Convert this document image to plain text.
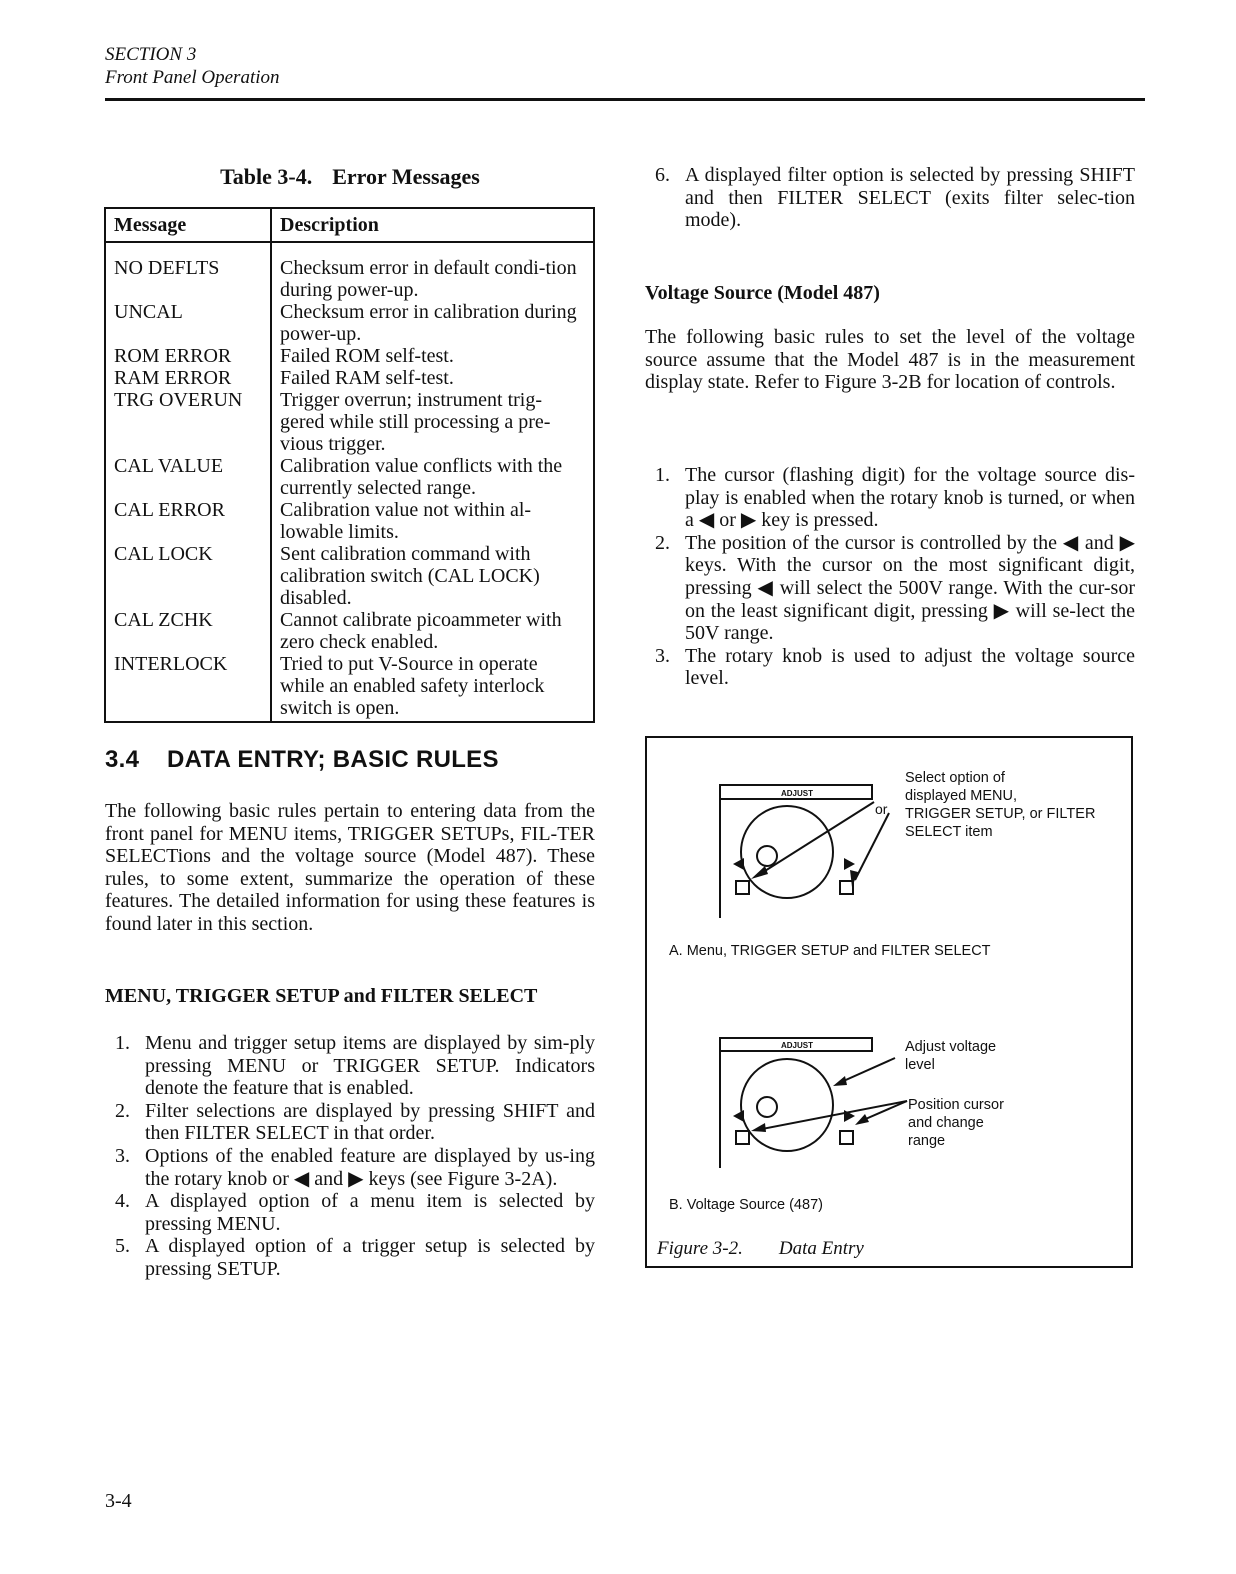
SECTION 3
Front Panel Operation
Table 3-4. Error Messages
Message	Description
NO DEFLTS	Checksum error in default condi-tion during power-up.
UNCAL	Checksum error in calibration during power-up.
ROM ERROR	Failed ROM self-test.
RAM ERROR	Failed RAM self-test.
TRG OVERUN	Trigger overrun; instrument trig-gered while still processing a pre-vious trigger.
CAL VALUE	Calibration value conflicts with the currently selected range.
CAL ERROR	Calibration value not within al-lowable limits.
CAL LOCK	Sent calibration command with calibration switch (CAL LOCK) disabled.
CAL ZCHK	Cannot calibrate picoammeter with zero check enabled.
INTERLOCK	Tried to put V-Source in operate while an enabled safety interlock switch is open.
3.4 DATA ENTRY; BASIC RULES

The following basic rules pertain to entering data from the front panel for MENU items, TRIGGER SETUPs, FIL-TER SELECTions and the voltage source (Model 487). These rules, to some extent, summarize the operation of these features. The detailed information for using these features is found later in this section.

MENU, TRIGGER SETUP and FILTER SELECT
1. Menu and trigger setup items are displayed by sim-ply pressing MENU or TRIGGER SETUP. Indicators denote the feature that is enabled.
2. Filter selections are displayed by pressing SHIFT and then FILTER SELECT in that order.
3. Options of the enabled feature are displayed by us-ing the rotary knob or ◀ and ▶ keys (see Figure 3-2A).
4. A displayed option of a menu item is selected by pressing MENU.
5. A displayed option of a trigger setup is selected by pressing SETUP.
6. A displayed filter option is selected by pressing SHIFT and then FILTER SELECT (exits filter selec-tion mode).
Voltage Source (Model 487)

The following basic rules to set the level of the voltage source assume that the Model 487 is in the measurement display state. Refer to Figure 3-2B for location of controls.

1. The cursor (flashing digit) for the voltage source dis-play is enabled when the rotary knob is turned, or when a ◀ or ▶ key is pressed.
2. The position of the cursor is controlled by the ◀ and ▶ keys. With the cursor on the most significant digit, pressing ◀ will select the 500V range. With the cur-sor on the least significant digit, pressing ▶ will se-lect the 50V range.
3. The rotary knob is used to adjust the voltage source level.
ADJUST
or
ADJUST
Select option of
displayed MENU,
TRIGGER SETUP, or FILTER
SELECT item
A. Menu, TRIGGER SETUP and FILTER SELECT
Adjust voltage
level
Position cursor
and change
range
B. Voltage Source (487)
Figure 3-2. Data Entry
3-4
